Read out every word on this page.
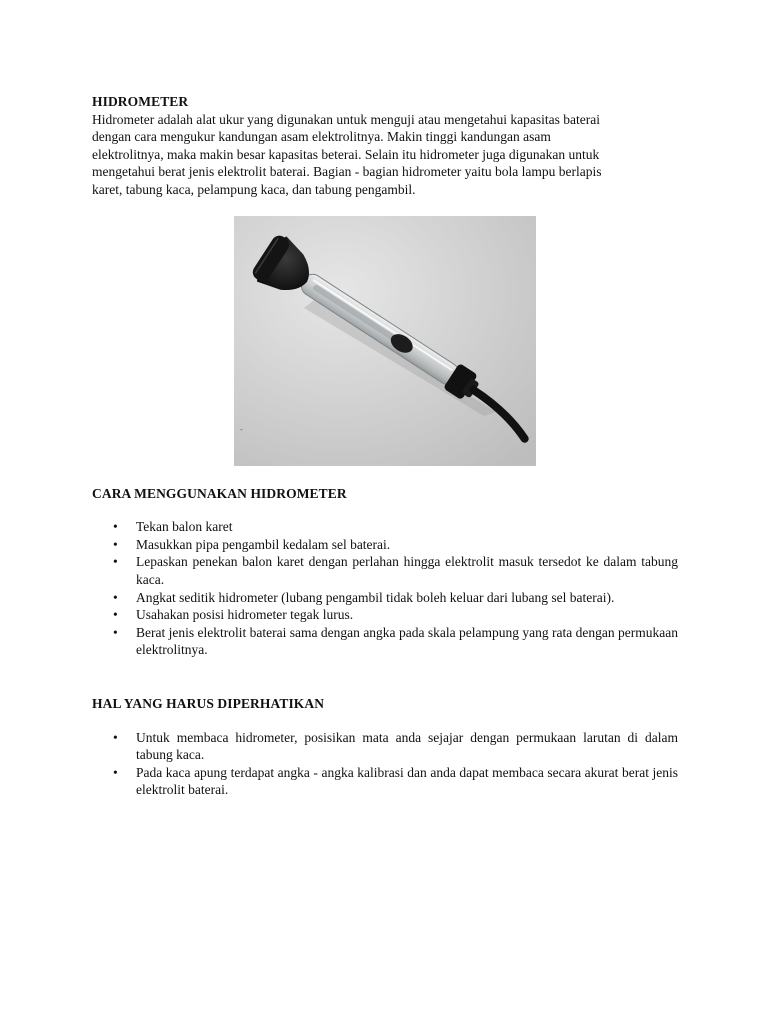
HIDROMETER

Hidrometer adalah alat ukur yang digunakan untuk menguji atau mengetahui kapasitas baterai
dengan cara mengukur kandungan asam elektrolitnya. Makin tinggi kandungan asam
elektrolitnya, maka makin besar kapasitas beterai. Selain itu hidrometer juga digunakan untuk
mengetahui berat jenis elektrolit baterai. Bagian - bagian hidrometer yaitu bola lampu berlapis
karet, tabung kaca, pelampung kaca, dan tabung pengambil.
-

CARA MENGGUNAKAN HIDROMETER

• Tekan balon karet
• Masukkan pipa pengambil kedalam sel baterai.
• Lepaskan penekan balon karet dengan perlahan hingga elektrolit masuk tersedot ke dalam tabung kaca.
• Angkat seditik hidrometer (lubang pengambil tidak boleh keluar dari lubang sel baterai).
• Usahakan posisi hidrometer tegak lurus.
• Berat jenis elektrolit baterai sama dengan angka pada skala pelampung yang rata dengan permukaan elektrolitnya.

HAL YANG HARUS DIPERHATIKAN

• Untuk membaca hidrometer, posisikan mata anda sejajar dengan permukaan larutan di dalam tabung kaca.
• Pada kaca apung terdapat angka - angka kalibrasi dan anda dapat membaca secara akurat berat jenis elektrolit baterai.
